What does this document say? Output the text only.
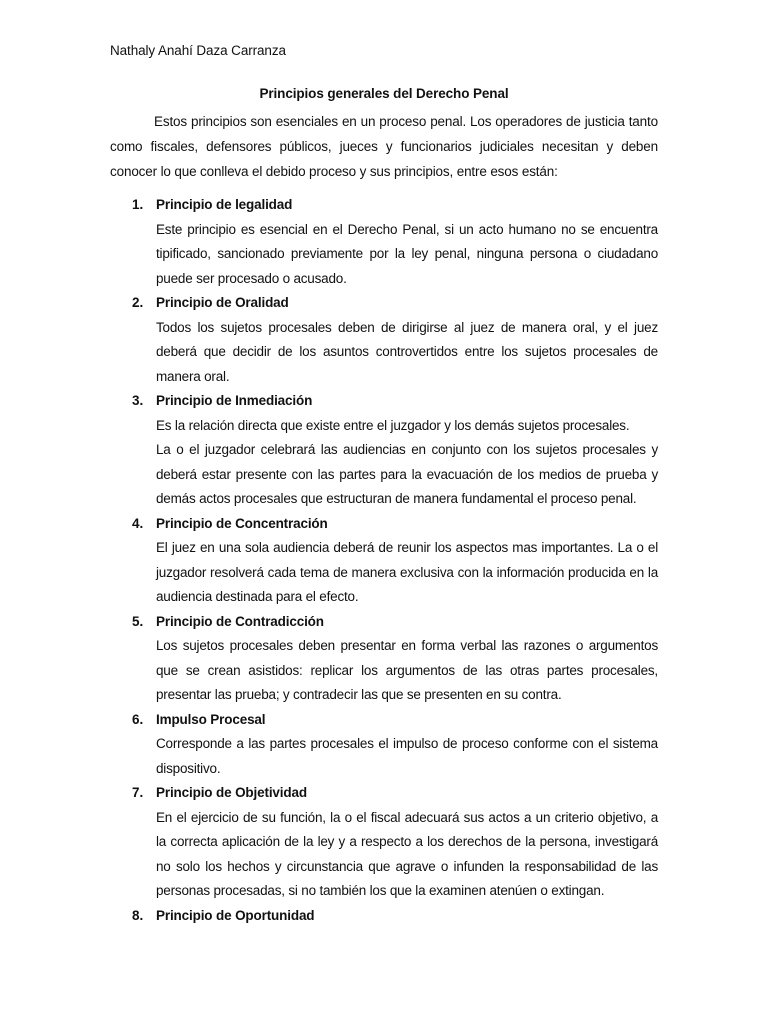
Nathaly Anahí Daza Carranza
Principios generales del Derecho Penal

Estos principios son esenciales en un proceso penal. Los operadores de justicia tanto como fiscales, defensores públicos, jueces y funcionarios judiciales necesitan y deben conocer lo que conlleva el debido proceso y sus principios, entre esos están:

1. Principio de legalidad

Este principio es esencial en el Derecho Penal, si un acto humano no se encuentra tipificado, sancionado previamente por la ley penal, ninguna persona o ciudadano puede ser procesado o acusado.

2. Principio de Oralidad

Todos los sujetos procesales deben de dirigirse al juez de manera oral, y el juez deberá que decidir de los asuntos controvertidos entre los sujetos procesales de manera oral.

3. Principio de Inmediación

Es la relación directa que existe entre el juzgador y los demás sujetos procesales.

La o el juzgador celebrará las audiencias en conjunto con los sujetos procesales y deberá estar presente con las partes para la evacuación de los medios de prueba y demás actos procesales que estructuran de manera fundamental el proceso penal.

4. Principio de Concentración

El juez en una sola audiencia deberá de reunir los aspectos mas importantes. La o el juzgador resolverá cada tema de manera exclusiva con la información producida en la audiencia destinada para el efecto.

5. Principio de Contradicción

Los sujetos procesales deben presentar en forma verbal las razones o argumentos que se crean asistidos: replicar los argumentos de las otras partes procesales, presentar las prueba; y contradecir las que se presenten en su contra.

6. Impulso Procesal

Corresponde a las partes procesales el impulso de proceso conforme con el sistema dispositivo.

7. Principio de Objetividad

En el ejercicio de su función, la o el fiscal adecuará sus actos a un criterio objetivo, a la correcta aplicación de la ley y a respecto a los derechos de la persona, investigará no solo los hechos y circunstancia que agrave o infunden la responsabilidad de las personas procesadas, si no también los que la examinen atenúen o extingan.

8. Principio de Oportunidad
